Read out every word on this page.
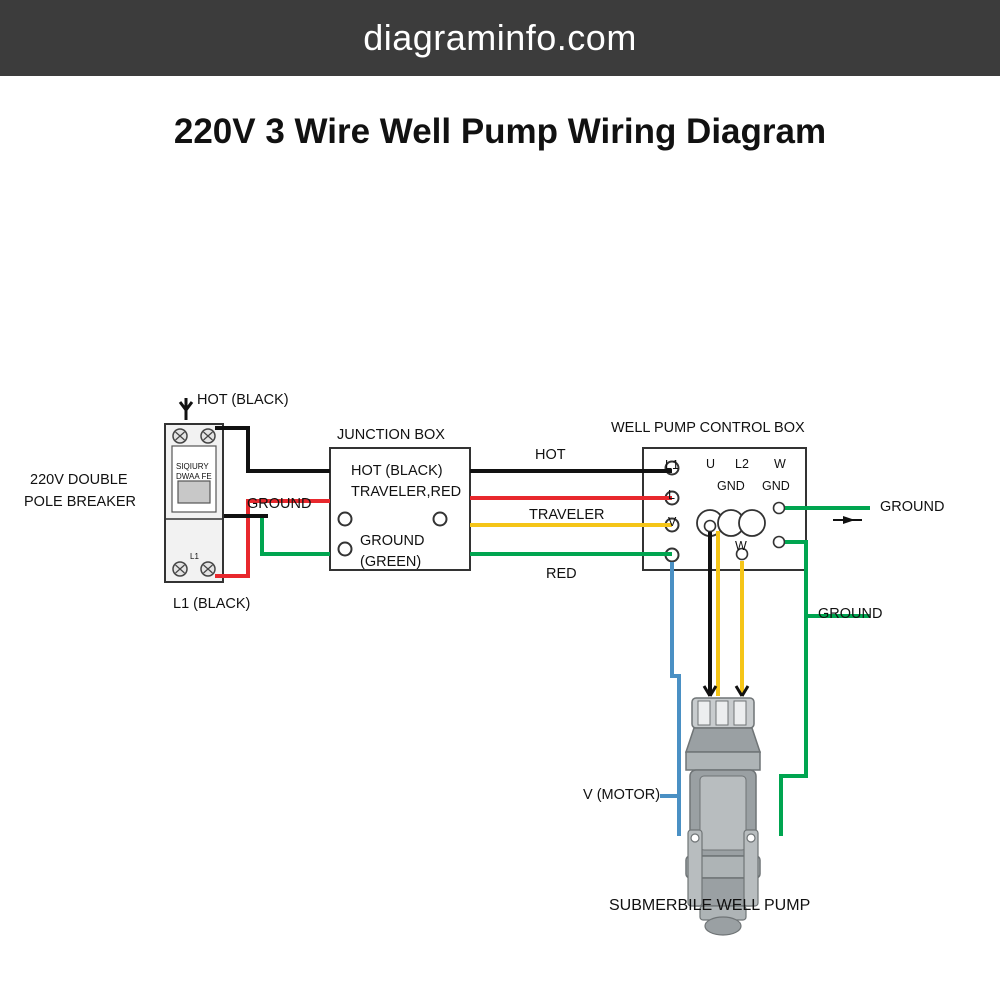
diagraminfo.com
220V 3 Wire Well Pump Wiring Diagram
HOT (BLACK)
220V DOUBLE
POLE BREAKER
SIQIURY
DWAA FE
L1
L1 (BLACK)
JUNCTION BOX
HOT (BLACK)
TRAVELER,RED
GROUND
(GREEN)
GROUND
HOT
TRAVELER
RED
WELL PUMP CONTROL BOX
L1
L
V
U L2 W
GND GND
W
GROUND
GROUND
V (MOTOR)
SUBMERBILE WELL PUMP
